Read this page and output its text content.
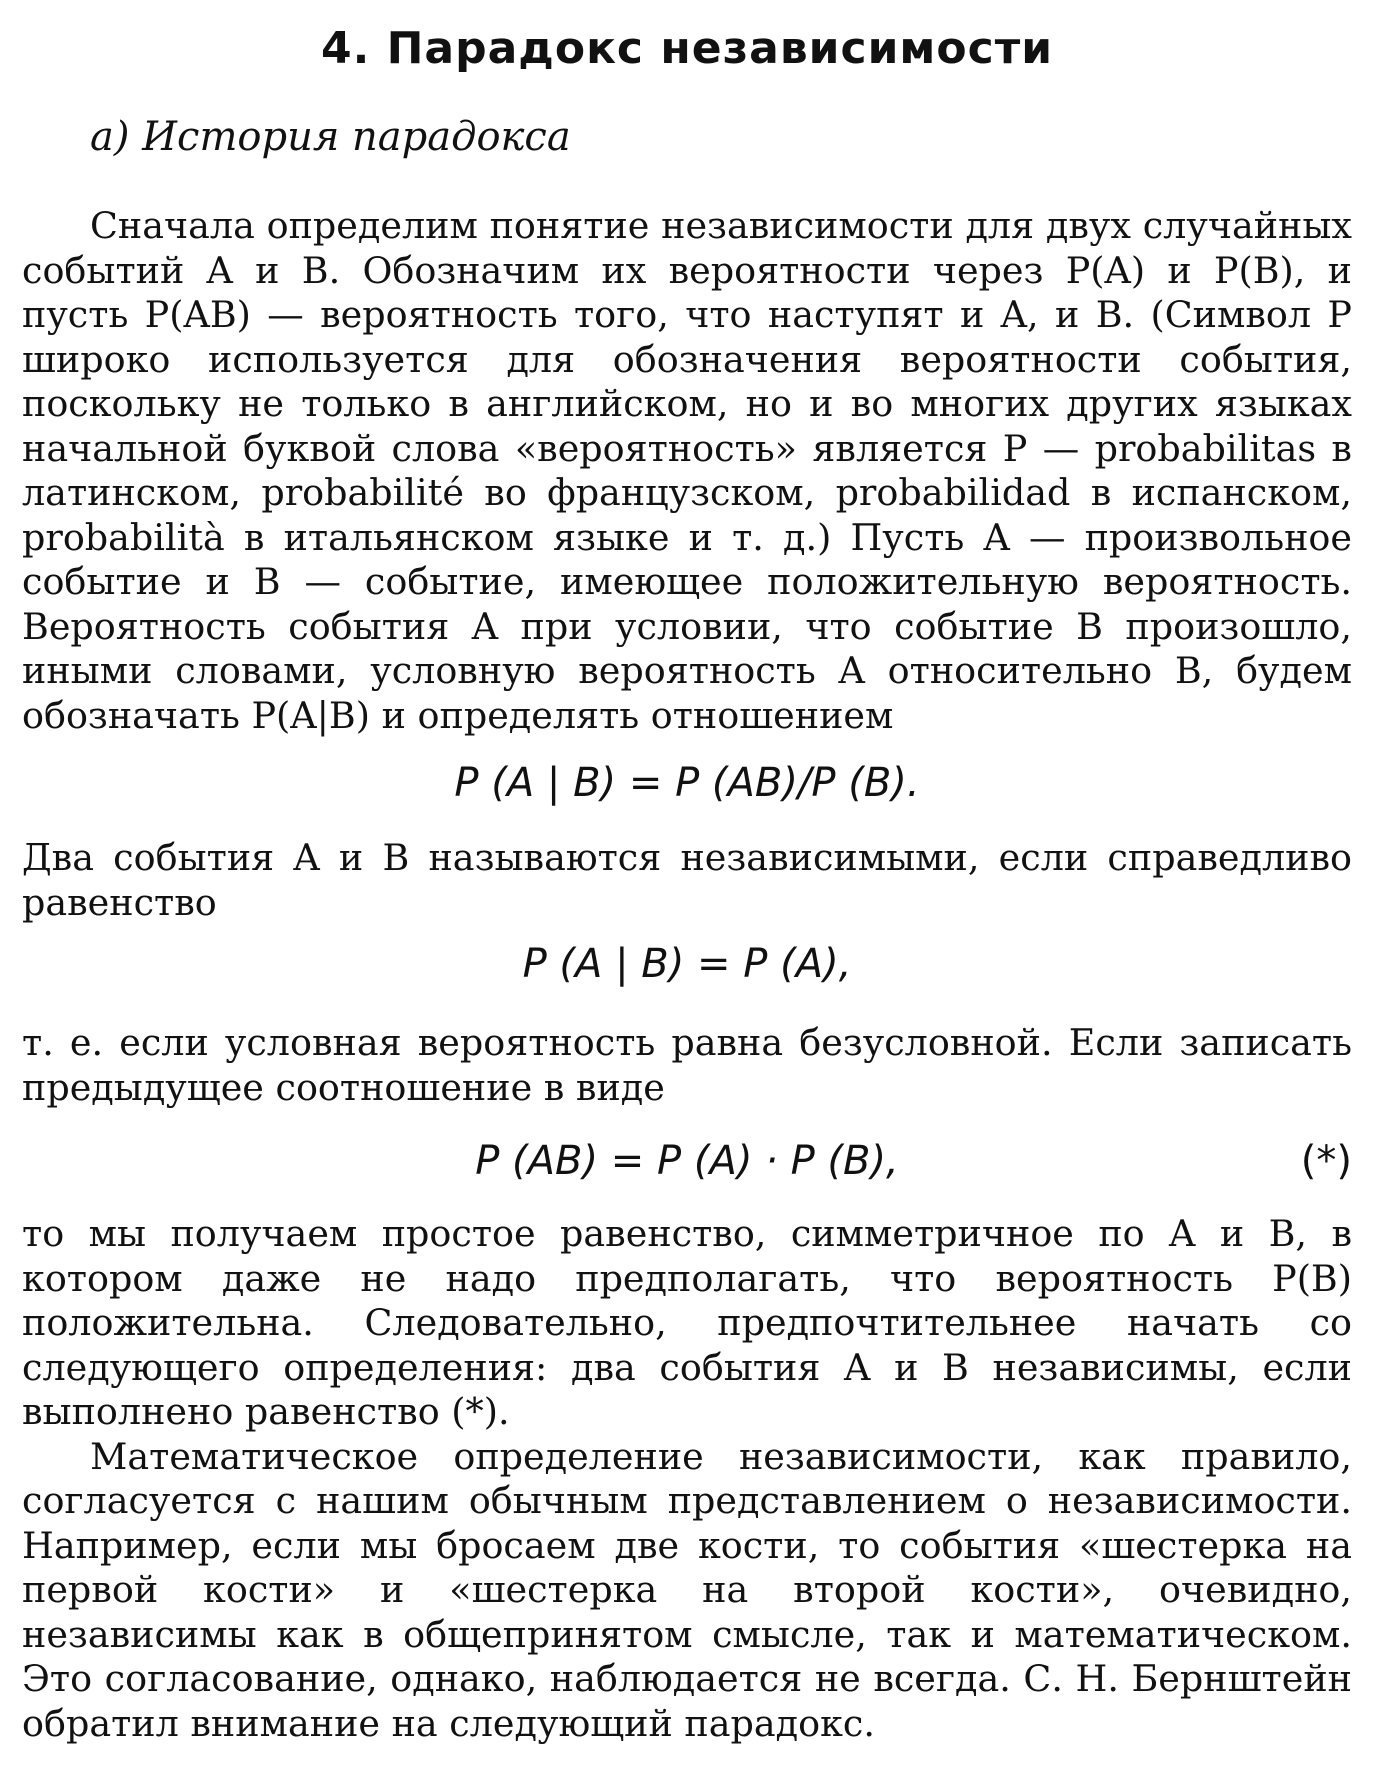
4. Парадокс независимости
а) История парадокса

Сначала определим понятие независимости для двух случайных событий A и B. Обозначим их вероятности через P(A) и P(B), и пусть P(AB) — вероятность того, что наступят и A, и B. (Символ P широко используется для обозначения вероятности события, поскольку не только в английском, но и во многих других языках начальной буквой слова «вероятность» является P — probabilitas в латинском, probabilité во французском, probabilidad в испанском, probabilità в итальянском языке и т. д.) Пусть A — произвольное событие и B — событие, имеющее положительную вероятность. Вероятность события A при условии, что событие B произошло, иными словами, условную вероятность A относительно B, будем обозначать P(A|B) и определять отношением

P (A | B) = P (AB)/P (B).

Два события A и B называются независимыми, если справедливо равенство

P (A | B) = P (A),

т. е. если условная вероятность равна безусловной. Если записать предыдущее соотношение в виде

P (AB) = P (A) · P (B),	(*)

то мы получаем простое равенство, симметричное по A и B, в котором даже не надо предполагать, что вероятность P(B) положительна. Следовательно, предпочтительнее начать со следующего определения: два события A и B независимы, если выполнено равенство (*).

Математическое определение независимости, как правило, согласуется с нашим обычным представлением о независимости. Например, если мы бросаем две кости, то события «шестерка на первой кости» и «шестерка на второй кости», очевидно, независимы как в общепринятом смысле, так и математическом. Это согласование, однако, наблюдается не всегда. С. Н. Бернштейн обратил внимание на следующий парадокс.
